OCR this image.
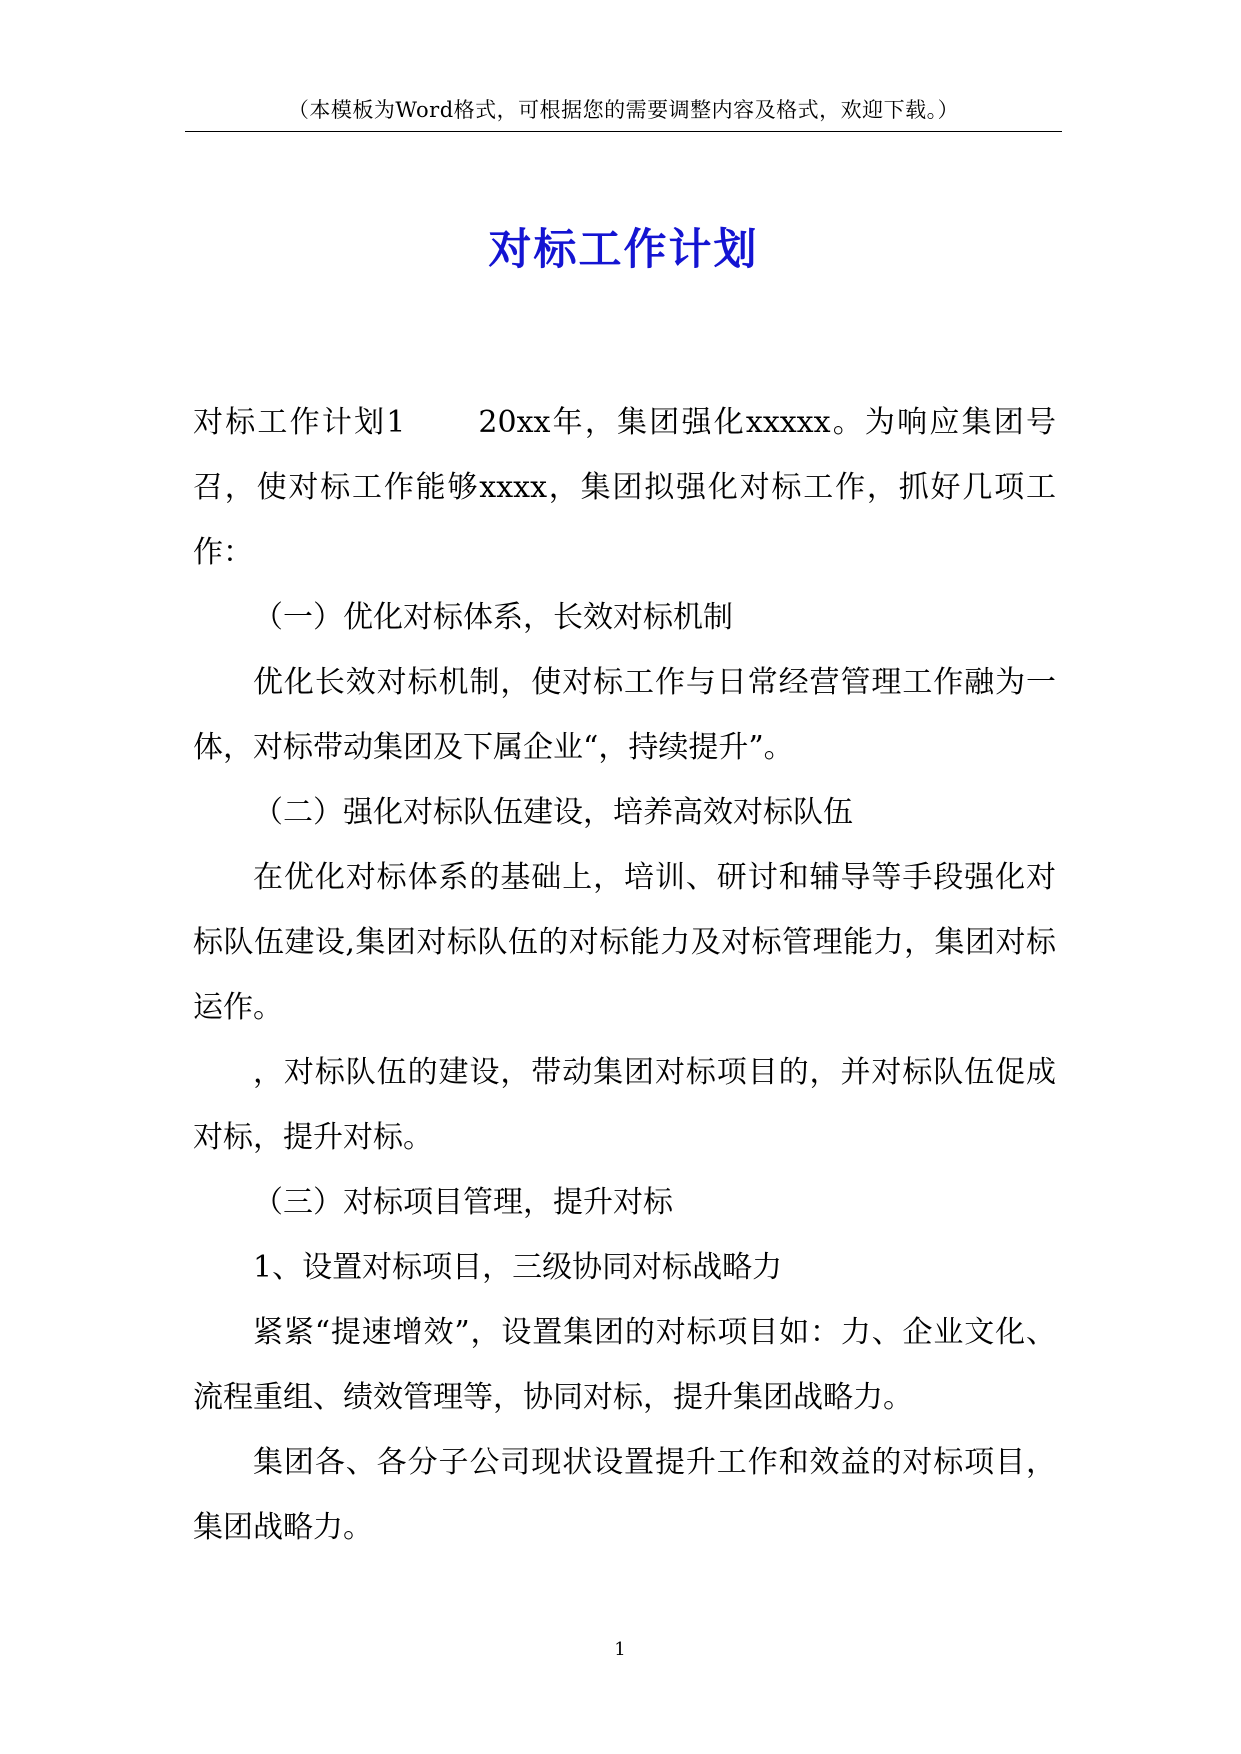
（本模板为Word格式，可根据您的需要调整内容及格式，欢迎下载。）
对标工作计划

对标工作计划1 20xx年，集团强化xxxxx。为响应集团号召，使对标工作能够xxxx，集团拟强化对标工作，抓好几项工作：

（一）优化对标体系，长效对标机制

优化长效对标机制，使对标工作与日常经营管理工作融为一体，对标带动集团及下属企业“，持续提升”。

（二）强化对标队伍建设，培养高效对标队伍

在优化对标体系的基础上，培训、研讨和辅导等手段强化对标队伍建设,集团对标队伍的对标能力及对标管理能力，集团对标运作。

，对标队伍的建设，带动集团对标项目的，并对标队伍促成对标，提升对标。

（三）对标项目管理，提升对标

1、设置对标项目，三级协同对标战略力

紧紧“提速增效”，设置集团的对标项目如：力、企业文化、流程重组、绩效管理等，协同对标，提升集团战略力。

集团各、各分子公司现状设置提升工作和效益的对标项目，集团战略力。

1
